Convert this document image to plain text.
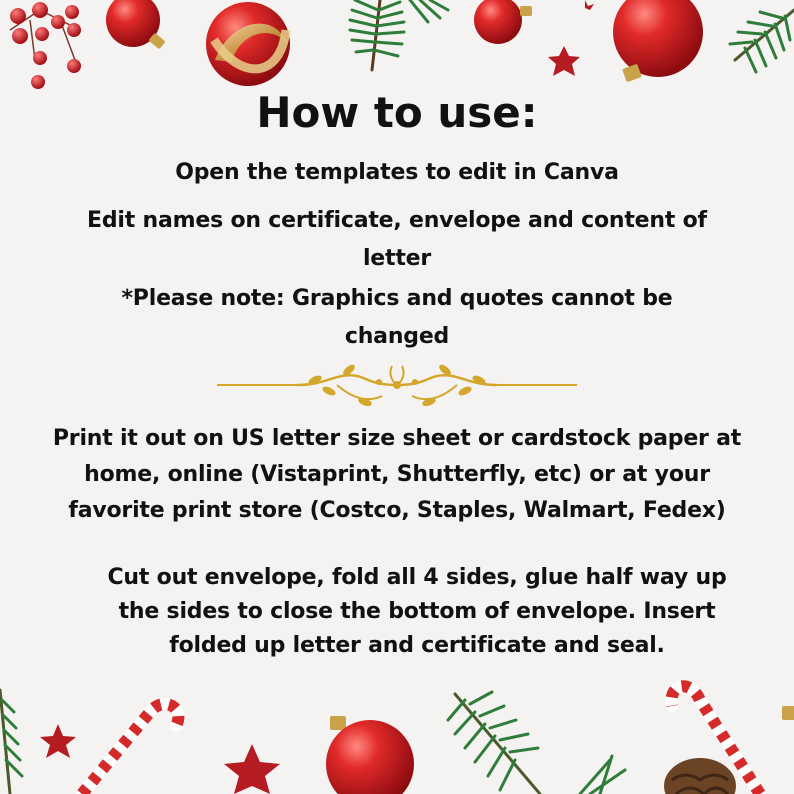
How to use:

Open the templates to edit in Canva

Edit names on certificate, envelope and content of

letter

*Please note: Graphics and quotes cannot be

changed

Print it out on US letter size sheet or cardstock paper at

home, online (Vistaprint, Shutterfly, etc) or at your

favorite print store (Costco, Staples, Walmart, Fedex)

Cut out envelope, fold all 4 sides, glue half way up

the sides to close the bottom of envelope. Insert

folded up letter and certificate and seal.
